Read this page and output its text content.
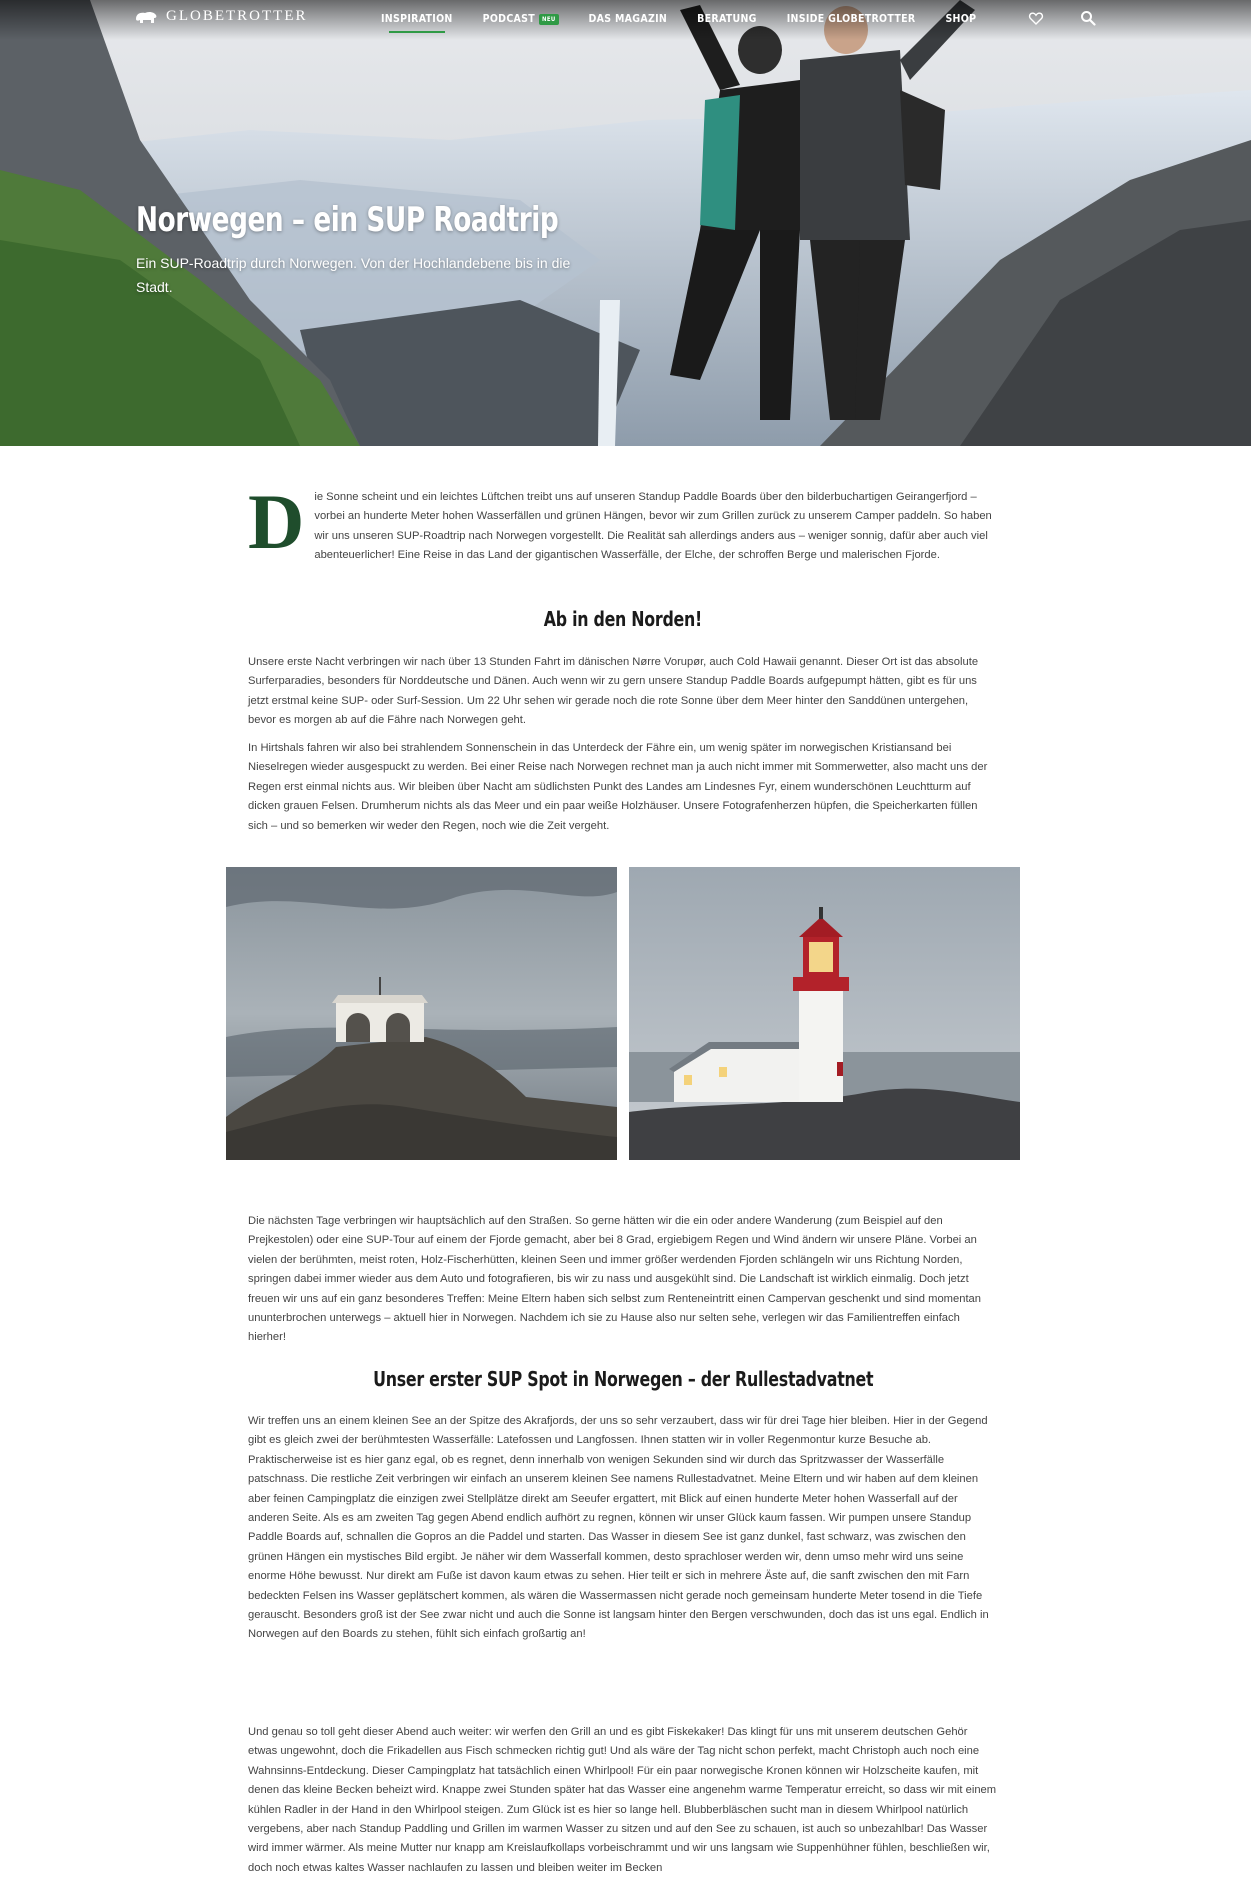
GLOBETROTTER	INSPIRATION	PODCAST	NEU	DAS MAGAZIN	BERATUNG	INSIDE GLOBETROTTER	SHOP
Norwegen – ein SUP Roadtrip
Ein SUP-Roadtrip durch Norwegen. Von der Hochlandebene bis in die Stadt.
Die Sonne scheint und ein leichtes Lüftchen treibt uns auf unseren Standup Paddle Boards über den bilderbuchartigen Geirangerfjord – vorbei an hunderte Meter hohen Wasserfällen und grünen Hängen, bevor wir zum Grillen zurück zu unserem Camper paddeln. So haben wir uns unseren SUP-Roadtrip nach Norwegen vorgestellt. Die Realität sah allerdings anders aus – weniger sonnig, dafür aber auch viel abenteuerlicher! Eine Reise in das Land der gigantischen Wasserfälle, der Elche, der schroffen Berge und malerischen Fjorde.
Ab in den Norden!

Unsere erste Nacht verbringen wir nach über 13 Stunden Fahrt im dänischen Nørre Vorupør, auch Cold Hawaii genannt. Dieser Ort ist das absolute Surferparadies, besonders für Norddeutsche und Dänen. Auch wenn wir zu gern unsere Standup Paddle Boards aufgepumpt hätten, gibt es für uns jetzt erstmal keine SUP- oder Surf-Session. Um 22 Uhr sehen wir gerade noch die rote Sonne über dem Meer hinter den Sanddünen untergehen, bevor es morgen ab auf die Fähre nach Norwegen geht.

In Hirtshals fahren wir also bei strahlendem Sonnenschein in das Unterdeck der Fähre ein, um wenig später im norwegischen Kristiansand bei Nieselregen wieder ausgespuckt zu werden. Bei einer Reise nach Norwegen rechnet man ja auch nicht immer mit Sommerwetter, also macht uns der Regen erst einmal nichts aus. Wir bleiben über Nacht am südlichsten Punkt des Landes am Lindesnes Fyr, einem wunderschönen Leuchtturm auf dicken grauen Felsen. Drumherum nichts als das Meer und ein paar weiße Holzhäuser. Unsere Fotografenherzen hüpfen, die Speicherkarten füllen sich – und so bemerken wir weder den Regen, noch wie die Zeit vergeht.

Die nächsten Tage verbringen wir hauptsächlich auf den Straßen. So gerne hätten wir die ein oder andere Wanderung (zum Beispiel auf den Prejkestolen) oder eine SUP-Tour auf einem der Fjorde gemacht, aber bei 8 Grad, ergiebigem Regen und Wind ändern wir unsere Pläne. Vorbei an vielen der berühmten, meist roten, Holz-Fischerhütten, kleinen Seen und immer größer werdenden Fjorden schlängeln wir uns Richtung Norden, springen dabei immer wieder aus dem Auto und fotografieren, bis wir zu nass und ausgekühlt sind. Die Landschaft ist wirklich einmalig. Doch jetzt freuen wir uns auf ein ganz besonderes Treffen: Meine Eltern haben sich selbst zum Renteneintritt einen Campervan geschenkt und sind momentan ununterbrochen unterwegs – aktuell hier in Norwegen. Nachdem ich sie zu Hause also nur selten sehe, verlegen wir das Familientreffen einfach hierher!

Unser erster SUP Spot in Norwegen – der Rullestadvatnet

Wir treffen uns an einem kleinen See an der Spitze des Akrafjords, der uns so sehr verzaubert, dass wir für drei Tage hier bleiben. Hier in der Gegend gibt es gleich zwei der berühmtesten Wasserfälle: Latefossen und Langfossen. Ihnen statten wir in voller Regenmontur kurze Besuche ab. Praktischerweise ist es hier ganz egal, ob es regnet, denn innerhalb von wenigen Sekunden sind wir durch das Spritzwasser der Wasserfälle patschnass. Die restliche Zeit verbringen wir einfach an unserem kleinen See namens Rullestadvatnet. Meine Eltern und wir haben auf dem kleinen aber feinen Campingplatz die einzigen zwei Stellplätze direkt am Seeufer ergattert, mit Blick auf einen hunderte Meter hohen Wasserfall auf der anderen Seite. Als es am zweiten Tag gegen Abend endlich aufhört zu regnen, können wir unser Glück kaum fassen. Wir pumpen unsere Standup Paddle Boards auf, schnallen die Gopros an die Paddel und starten. Das Wasser in diesem See ist ganz dunkel, fast schwarz, was zwischen den grünen Hängen ein mystisches Bild ergibt. Je näher wir dem Wasserfall kommen, desto sprachloser werden wir, denn umso mehr wird uns seine enorme Höhe bewusst. Nur direkt am Fuße ist davon kaum etwas zu sehen. Hier teilt er sich in mehrere Äste auf, die sanft zwischen den mit Farn bedeckten Felsen ins Wasser geplätschert kommen, als wären die Wassermassen nicht gerade noch gemeinsam hunderte Meter tosend in die Tiefe gerauscht. Besonders groß ist der See zwar nicht und auch die Sonne ist langsam hinter den Bergen verschwunden, doch das ist uns egal. Endlich in Norwegen auf den Boards zu stehen, fühlt sich einfach großartig an!

Und genau so toll geht dieser Abend auch weiter: wir werfen den Grill an und es gibt Fiskekaker! Das klingt für uns mit unserem deutschen Gehör etwas ungewohnt, doch die Frikadellen aus Fisch schmecken richtig gut! Und als wäre der Tag nicht schon perfekt, macht Christoph auch noch eine Wahnsinns-Entdeckung. Dieser Campingplatz hat tatsächlich einen Whirlpool! Für ein paar norwegische Kronen können wir Holzscheite kaufen, mit denen das kleine Becken beheizt wird. Knappe zwei Stunden später hat das Wasser eine angenehm warme Temperatur erreicht, so dass wir mit einem kühlen Radler in der Hand in den Whirlpool steigen. Zum Glück ist es hier so lange hell. Blubberbläschen sucht man in diesem Whirlpool natürlich vergebens, aber nach Standup Paddling und Grillen im warmen Wasser zu sitzen und auf den See zu schauen, ist auch so unbezahlbar! Das Wasser wird immer wärmer. Als meine Mutter nur knapp am Kreislaufkollaps vorbeischrammt und wir uns langsam wie Suppenhühner fühlen, beschließen wir, doch noch etwas kaltes Wasser nachlaufen zu lassen und bleiben weiter im Becken
